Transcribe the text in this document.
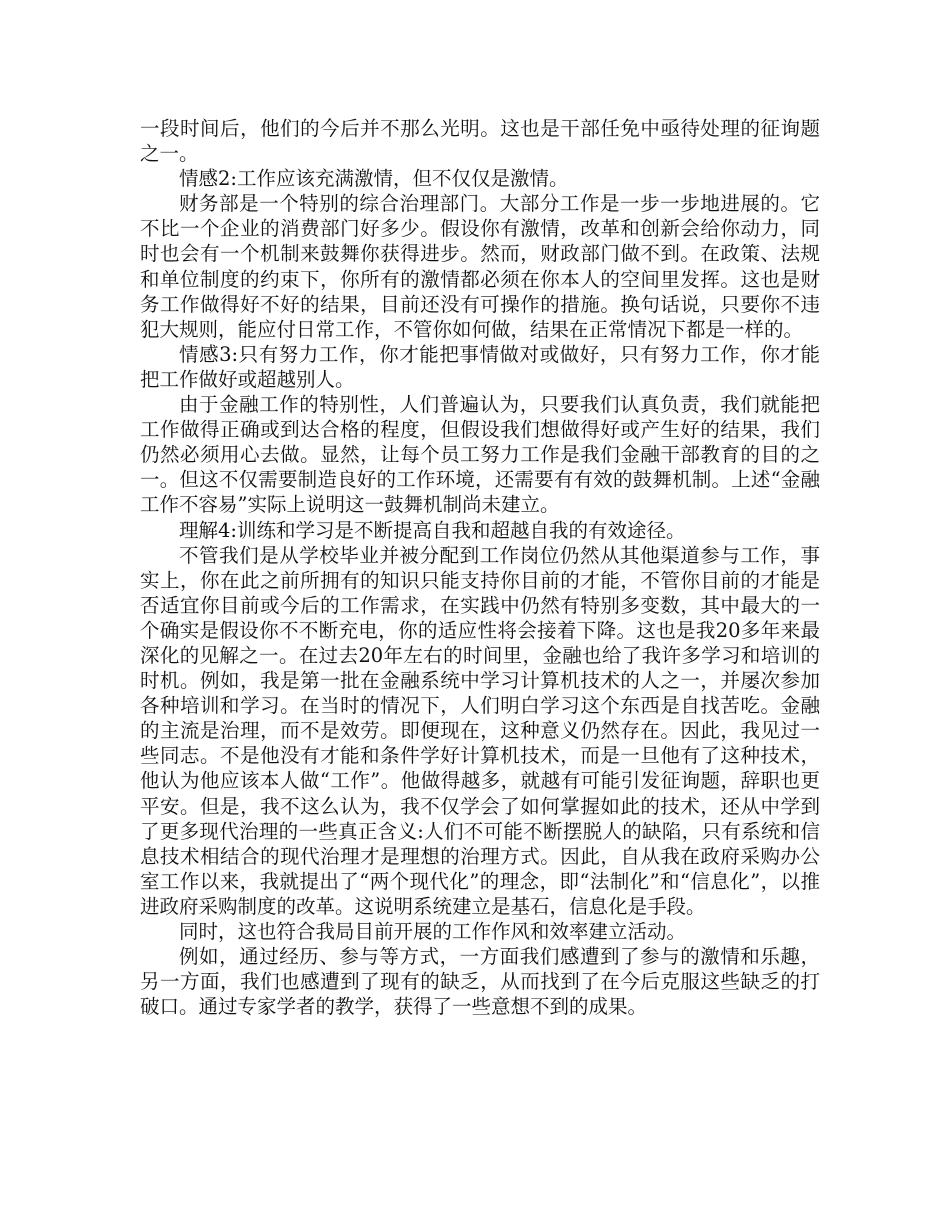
一段时间后，他们的今后并不那么光明。这也是干部任免中亟待处理的征询题之一。

情感2:工作应该充满激情，但不仅仅是激情。

财务部是一个特别的综合治理部门。大部分工作是一步一步地进展的。它不比一个企业的消费部门好多少。假设你有激情，改革和创新会给你动力，同时也会有一个机制来鼓舞你获得进步。然而，财政部门做不到。在政策、法规和单位制度的约束下，你所有的激情都必须在你本人的空间里发挥。这也是财务工作做得好不好的结果，目前还没有可操作的措施。换句话说，只要你不违犯大规则，能应付日常工作，不管你如何做，结果在正常情况下都是一样的。

情感3:只有努力工作，你才能把事情做对或做好，只有努力工作，你才能把工作做好或超越别人。

由于金融工作的特别性，人们普遍认为，只要我们认真负责，我们就能把工作做得正确或到达合格的程度，但假设我们想做得好或产生好的结果，我们仍然必须用心去做。显然，让每个员工努力工作是我们金融干部教育的目的之一。但这不仅需要制造良好的工作环境，还需要有有效的鼓舞机制。上述“金融工作不容易”实际上说明这一鼓舞机制尚未建立。

理解4:训练和学习是不断提高自我和超越自我的有效途径。

不管我们是从学校毕业并被分配到工作岗位仍然从其他渠道参与工作，事实上，你在此之前所拥有的知识只能支持你目前的才能，不管你目前的才能是否适宜你目前或今后的工作需求，在实践中仍然有特别多变数，其中最大的一个确实是假设你不不断充电，你的适应性将会接着下降。这也是我20多年来最深化的见解之一。在过去20年左右的时间里，金融也给了我许多学习和培训的时机。例如，我是第一批在金融系统中学习计算机技术的人之一，并屡次参加各种培训和学习。在当时的情况下，人们明白学习这个东西是自找苦吃。金融的主流是治理，而不是效劳。即便现在，这种意义仍然存在。因此，我见过一些同志。不是他没有才能和条件学好计算机技术，而是一旦他有了这种技术，他认为他应该本人做“工作”。他做得越多，就越有可能引发征询题，辞职也更平安。但是，我不这么认为，我不仅学会了如何掌握如此的技术，还从中学到了更多现代治理的一些真正含义:人们不可能不断摆脱人的缺陷，只有系统和信息技术相结合的现代治理才是理想的治理方式。因此，自从我在政府采购办公室工作以来，我就提出了“两个现代化”的理念，即“法制化”和“信息化”，以推进政府采购制度的改革。这说明系统建立是基石，信息化是手段。

同时，这也符合我局目前开展的工作作风和效率建立活动。

例如，通过经历、参与等方式，一方面我们感遭到了参与的激情和乐趣，另一方面，我们也感遭到了现有的缺乏，从而找到了在今后克服这些缺乏的打破口。通过专家学者的教学，获得了一些意想不到的成果。
